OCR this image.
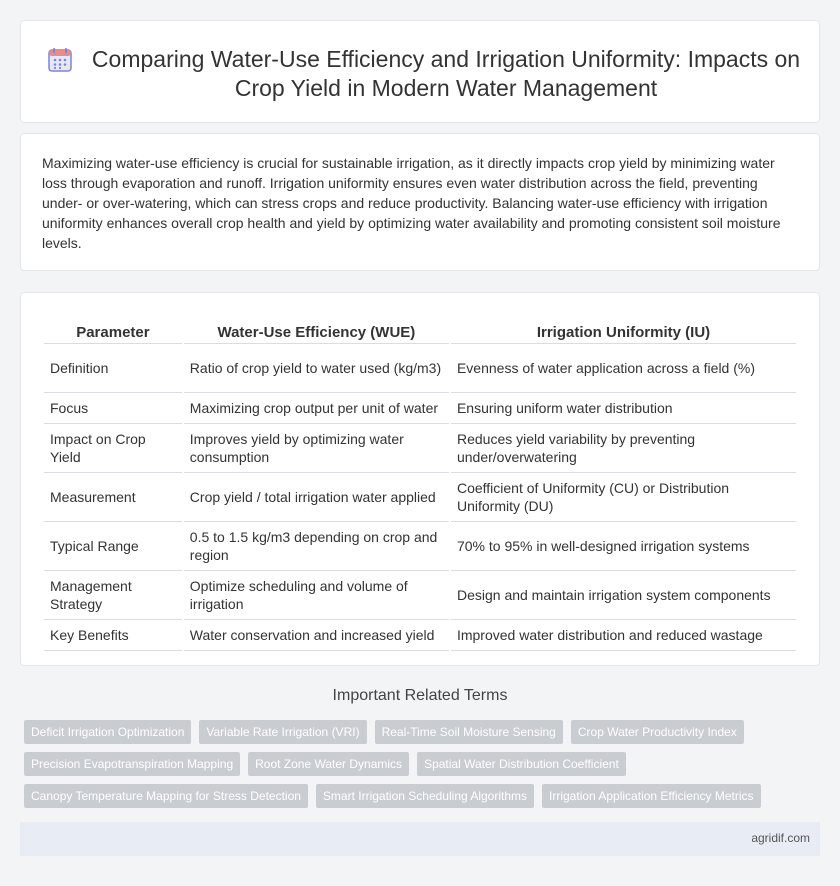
Comparing Water-Use Efficiency and Irrigation Uniformity: Impacts on Crop Yield in Modern Water Management

Maximizing water-use efficiency is crucial for sustainable irrigation, as it directly impacts crop yield by minimizing water loss through evaporation and runoff. Irrigation uniformity ensures even water distribution across the field, preventing under- or over-watering, which can stress crops and reduce productivity. Balancing water-use efficiency with irrigation uniformity enhances overall crop health and yield by optimizing water availability and promoting consistent soil moisture levels.

Parameter	Water-Use Efficiency (WUE)	Irrigation Uniformity (IU)
Definition	Ratio of crop yield to water used (kg/m3)	Evenness of water application across a field (%)
Focus	Maximizing crop output per unit of water	Ensuring uniform water distribution
Impact on Crop Yield	Improves yield by optimizing water consumption	Reduces yield variability by preventing under/overwatering
Measurement	Crop yield / total irrigation water applied	Coefficient of Uniformity (CU) or Distribution Uniformity (DU)
Typical Range	0.5 to 1.5 kg/m3 depending on crop and region	70% to 95% in well-designed irrigation systems
Management Strategy	Optimize scheduling and volume of irrigation	Design and maintain irrigation system components
Key Benefits	Water conservation and increased yield	Improved water distribution and reduced wastage
Important Related Terms
Deficit Irrigation Optimization	Variable Rate Irrigation (VRI)	Real-Time Soil Moisture Sensing	Crop Water Productivity Index
Precision Evapotranspiration Mapping	Root Zone Water Dynamics	Spatial Water Distribution Coefficient
Canopy Temperature Mapping for Stress Detection	Smart Irrigation Scheduling Algorithms	Irrigation Application Efficiency Metrics
agridif.com
